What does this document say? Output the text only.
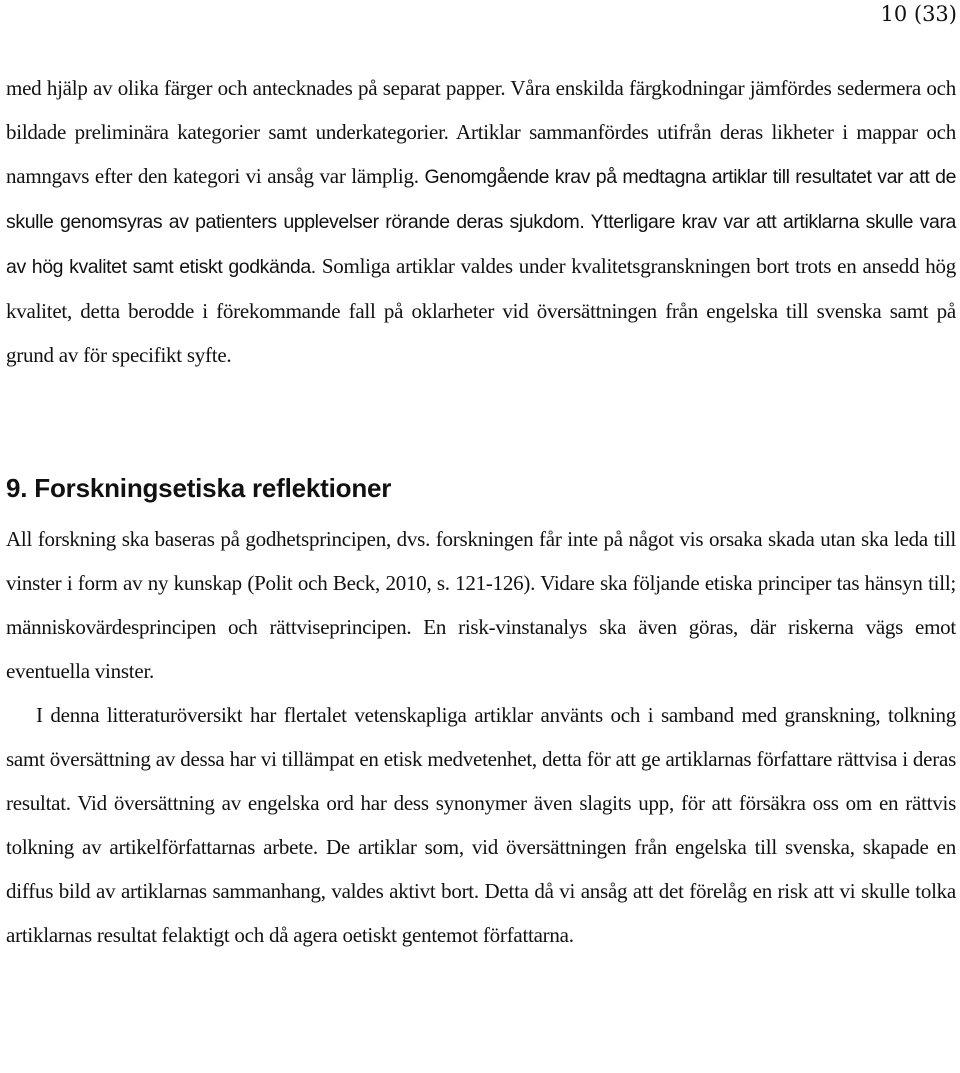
10 (33)

med hjälp av olika färger och antecknades på separat papper. Våra enskilda färgkodningar jämfördes sedermera och bildade preliminära kategorier samt underkategorier. Artiklar sammanfördes utifrån deras likheter i mappar och namngavs efter den kategori vi ansåg var lämplig. Genomgående krav på medtagna artiklar till resultatet var att de skulle genomsyras av patienters upplevelser rörande deras sjukdom. Ytterligare krav var att artiklarna skulle vara av hög kvalitet samt etiskt godkända. Somliga artiklar valdes under kvalitetsgranskningen bort trots en ansedd hög kvalitet, detta berodde i förekommande fall på oklarheter vid översättningen från engelska till svenska samt på grund av för specifikt syfte.

9. Forskningsetiska reflektioner

All forskning ska baseras på godhetsprincipen, dvs. forskningen får inte på något vis orsaka skada utan ska leda till vinster i form av ny kunskap (Polit och Beck, 2010, s. 121-126). Vidare ska följande etiska principer tas hänsyn till; människovärdesprincipen och rättviseprincipen. En risk-vinstanalys ska även göras, där riskerna vägs emot eventuella vinster.

I denna litteraturöversikt har flertalet vetenskapliga artiklar använts och i samband med granskning, tolkning samt översättning av dessa har vi tillämpat en etisk medvetenhet, detta för att ge artiklarnas författare rättvisa i deras resultat. Vid översättning av engelska ord har dess synonymer även slagits upp, för att försäkra oss om en rättvis tolkning av artikelförfattarnas arbete. De artiklar som, vid översättningen från engelska till svenska, skapade en diffus bild av artiklarnas sammanhang, valdes aktivt bort. Detta då vi ansåg att det förelåg en risk att vi skulle tolka artiklarnas resultat felaktigt och då agera oetiskt gentemot författarna.
